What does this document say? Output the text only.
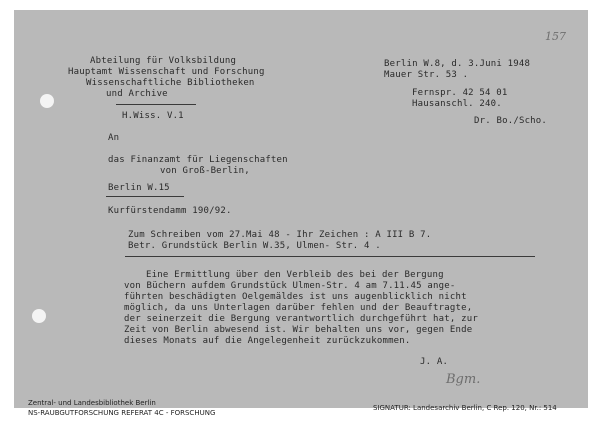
157
Abteilung für Volksbildung
Hauptamt Wissenschaft und Forschung
Wissenschaftliche Bibliotheken
und Archive
H.Wiss. V.1
Berlin W.8, d. 3.Juni 1948
Mauer Str. 53 .
Fernspr. 42 54 01
Hausanschl. 240.
Dr. Bo./Scho.
An
das Finanzamt für Liegenschaften
von Groß-Berlin,
Berlin W.15
Kurfürstendamm 190/92.
Zum Schreiben vom 27.Mai 48 - Ihr Zeichen : A III B 7.
Betr. Grundstück Berlin W.35, Ulmen- Str. 4 .
Eine Ermittlung über den Verbleib des bei der Bergung
von Büchern aufdem Grundstück Ulmen-Str. 4 am 7.11.45 ange-
führten beschädigten Oelgemäldes ist uns augenblicklich nicht
möglich, da uns Unterlagen darüber fehlen und der Beauftragte,
der seinerzeit die Bergung verantwortlich durchgeführt hat, zur
Zeit von Berlin abwesend ist. Wir behalten uns vor, gegen Ende
dieses Monats auf die Angelegenheit zurückzukommen.
J. A.
Bgm.
Zentral- und Landesbibliothek Berlin
NS-RAUBGUTFORSCHUNG REFERAT 4C - FORSCHUNG
SIGNATUR: Landesarchiv Berlin, C Rep. 120, Nr.: 514
